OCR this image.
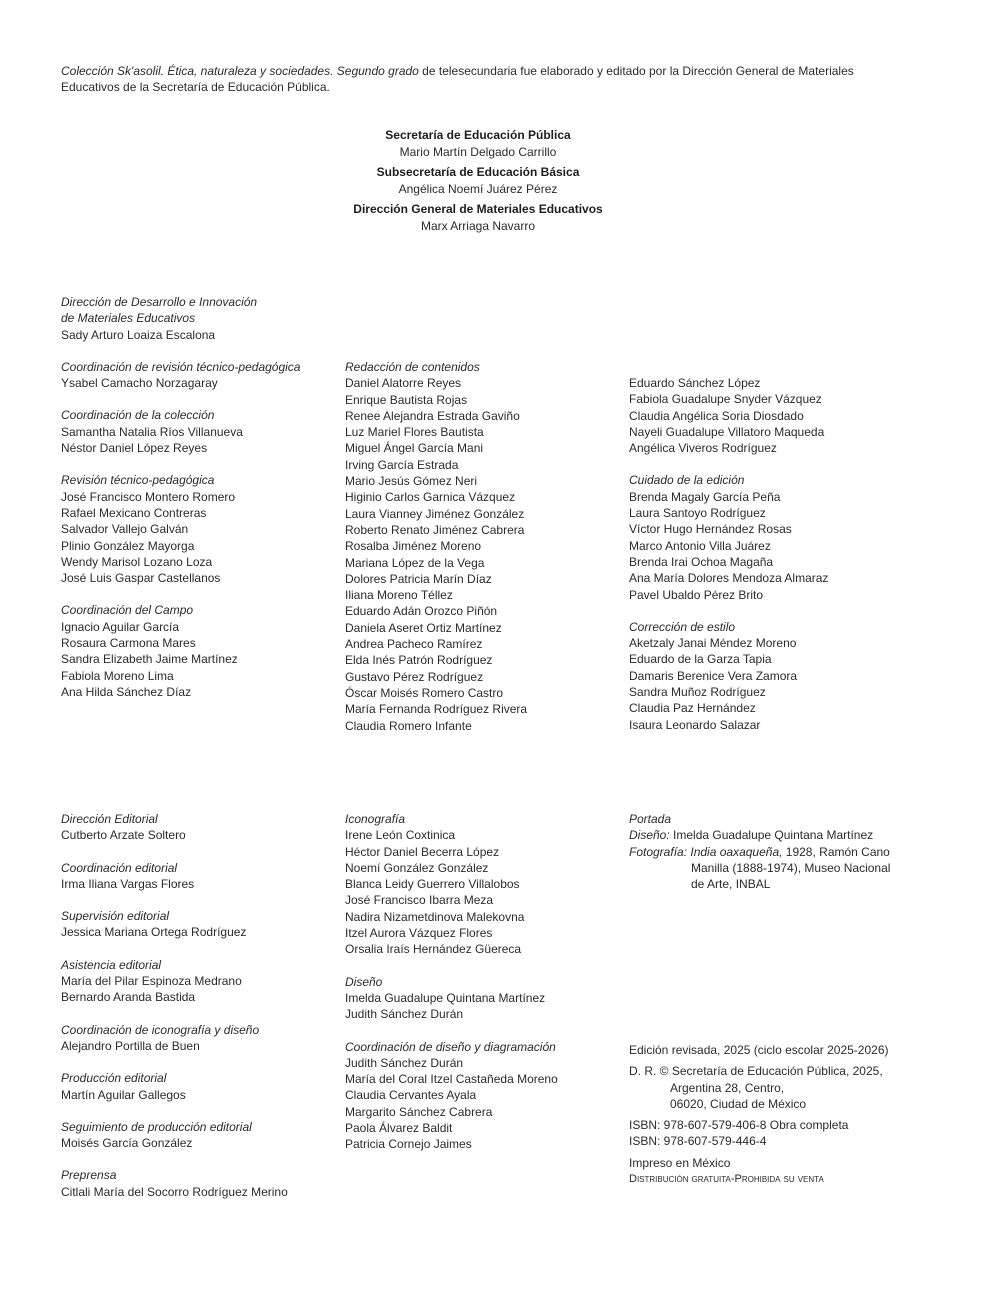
Colección Sk'asolil. Ética, naturaleza y sociedades. Segundo grado de telesecundaria fue elaborado y editado por la Dirección General de Materiales Educativos de la Secretaría de Educación Pública.
Secretaría de Educación Pública
Mario Martín Delgado Carrillo
Subsecretaría de Educación Básica
Angélica Noemí Juárez Pérez
Dirección General de Materiales Educativos
Marx Arriaga Navarro
Dirección de Desarrollo e Innovación
de Materiales Educativos
Sady Arturo Loaiza Escalona
Coordinación de revisión técnico-pedagógica
Ysabel Camacho Norzagaray
Coordinación de la colección
Samantha Natalia Ríos Villanueva
Néstor Daniel López Reyes
Revisión técnico-pedagógica
José Francisco Montero Romero
Rafael Mexicano Contreras
Salvador Vallejo Galván
Plinio González Mayorga
Wendy Marisol Lozano Loza
José Luis Gaspar Castellanos
Coordinación del Campo
Ignacio Aguilar García
Rosaura Carmona Mares
Sandra Elizabeth Jaime Martínez
Fabiola Moreno Lima
Ana Hilda Sánchez Díaz
Redacción de contenidos
Daniel Alatorre Reyes
Enrique Bautista Rojas
Renee Alejandra Estrada Gaviño
Luz Mariel Flores Bautista
Miguel Ángel García Mani
Irving García Estrada
Mario Jesús Gómez Neri
Higinio Carlos Garnica Vázquez
Laura Vianney Jiménez González
Roberto Renato Jiménez Cabrera
Rosalba Jiménez Moreno
Mariana López de la Vega
Dolores Patricia Marín Díaz
Iliana Moreno Téllez
Eduardo Adán Orozco Piñón
Daniela Aseret Ortiz Martínez
Andrea Pacheco Ramírez
Elda Inés Patrón Rodríguez
Gustavo Pérez Rodríguez
Óscar Moisés Romero Castro
María Fernanda Rodríguez Rivera
Claudia Romero Infante
Eduardo Sánchez López
Fabiola Guadalupe Snyder Vázquez
Claudia Angélica Soria Diosdado
Nayeli Guadalupe Villatoro Maqueda
Angélica Viveros Rodríguez
Cuidado de la edición
Brenda Magaly García Peña
Laura Santoyo Rodríguez
Víctor Hugo Hernández Rosas
Marco Antonio Villa Juárez
Brenda Irai Ochoa Magaña
Ana María Dolores Mendoza Almaraz
Pavel Ubaldo Pérez Brito
Corrección de estilo
Aketzaly Janai Méndez Moreno
Eduardo de la Garza Tapia
Damaris Berenice Vera Zamora
Sandra Muñoz Rodríguez
Claudia Paz Hernández
Isaura Leonardo Salazar
Dirección Editorial
Cutberto Arzate Soltero
Coordinación editorial
Irma Iliana Vargas Flores
Supervisión editorial
Jessica Mariana Ortega Rodríguez
Asistencia editorial
María del Pilar Espinoza Medrano
Bernardo Aranda Bastida
Coordinación de iconografía y diseño
Alejandro Portilla de Buen
Producción editorial
Martín Aguilar Gallegos
Seguimiento de producción editorial
Moisés García González
Preprensa
Citlali María del Socorro Rodríguez Merino
Iconografía
Irene León Coxtinica
Héctor Daniel Becerra López
Noemí González González
Blanca Leidy Guerrero Villalobos
José Francisco Ibarra Meza
Nadira Nizametdinova Malekovna
Itzel Aurora Vázquez Flores
Orsalia Iraís Hernández Güereca
Diseño
Imelda Guadalupe Quintana Martínez
Judith Sánchez Durán
Coordinación de diseño y diagramación
Judith Sánchez Durán
María del Coral Itzel Castañeda Moreno
Claudia Cervantes Ayala
Margarito Sánchez Cabrera
Paola Álvarez Baldit
Patricia Cornejo Jaimes
Portada
Diseño: Imelda Guadalupe Quintana Martínez
Fotografía: India oaxaqueña, 1928, Ramón Cano
Manilla (1888-1974), Museo Nacional
de Arte, INBAL
Edición revisada, 2025 (ciclo escolar 2025-2026)
D. R. © Secretaría de Educación Pública, 2025,
Argentina 28, Centro,
06020, Ciudad de México
ISBN: 978-607-579-406-8 Obra completa
ISBN: 978-607-579-446-4
Impreso en México
Distribución gratuita-Prohibida su venta
